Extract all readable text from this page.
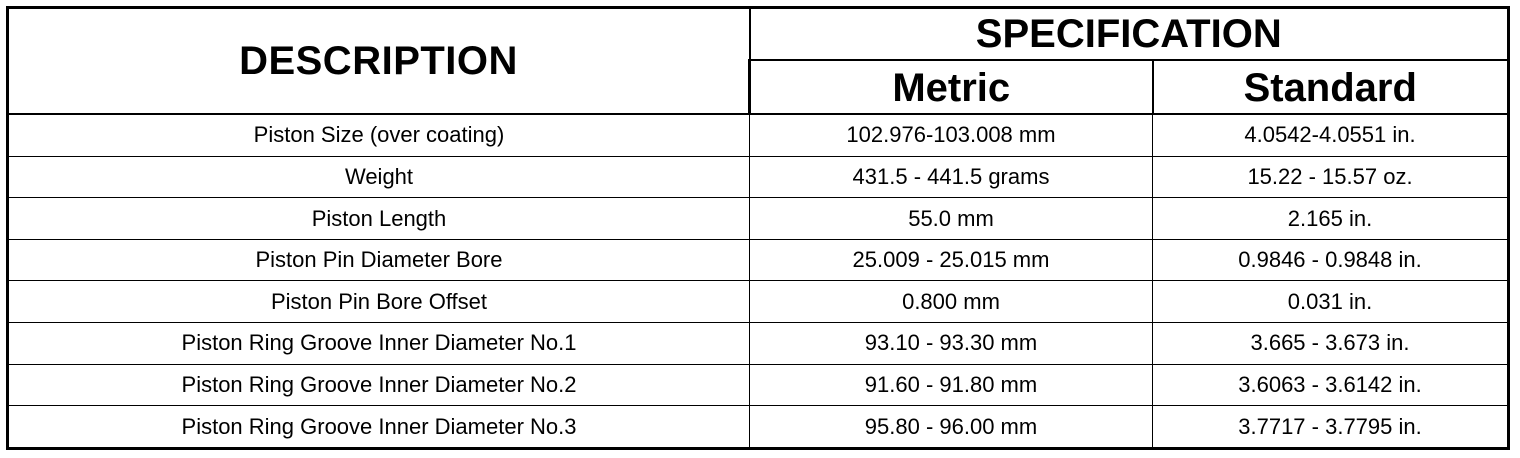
DESCRIPTION	SPECIFICATION	
	Metric	Standard
Piston Size (over coating)	102.976-103.008 mm	4.0542-4.0551 in.
Weight	431.5 - 441.5 grams	15.22 - 15.57 oz.
Piston Length	55.0 mm	2.165 in.
Piston Pin Diameter Bore	25.009 - 25.015 mm	0.9846 - 0.9848 in.
Piston Pin Bore Offset	0.800 mm	0.031 in.
Piston Ring Groove Inner Diameter No.1	93.10 - 93.30 mm	3.665 - 3.673 in.
Piston Ring Groove Inner Diameter No.2	91.60 - 91.80 mm	3.6063 - 3.6142 in.
Piston Ring Groove Inner Diameter No.3	95.80 - 96.00 mm	3.7717 - 3.7795 in.
